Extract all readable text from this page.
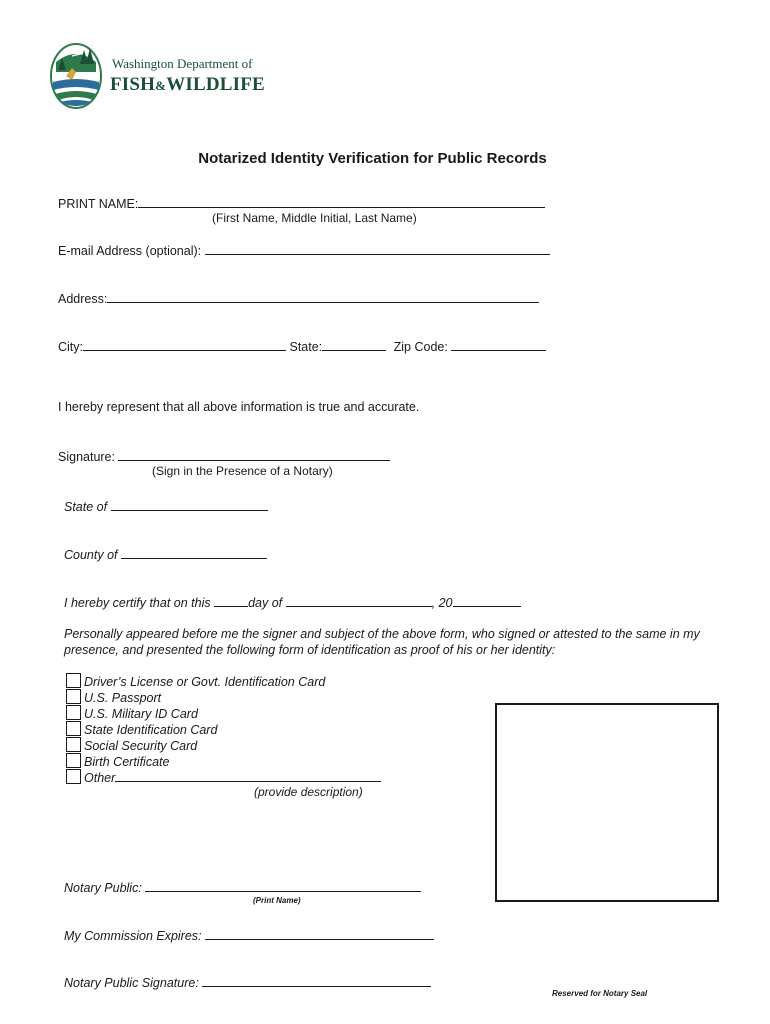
Washington Department of
FISH&WILDLIFE
Notarized Identity Verification for Public Records
PRINT NAME:
(First Name, Middle Initial, Last Name)
E-mail Address (optional):
Address:
City:	State:	Zip Code:
I hereby represent that all above information is true and accurate.
Signature:
(Sign in the Presence of a Notary)
State of
County of
I hereby certify that on this	day of	, 20
Personally appeared before me the signer and subject of the above form, who signed or attested to the same in my presence, and presented the following form of identification as proof of his or her identity:
Driver’s License or Govt. Identification Card
U.S. Passport
U.S. Military ID Card
State Identification Card
Social Security Card
Birth Certificate
Other
(provide description)
Notary Public:
(Print Name)
My Commission Expires:
Notary Public Signature:
Reserved for Notary Seal
